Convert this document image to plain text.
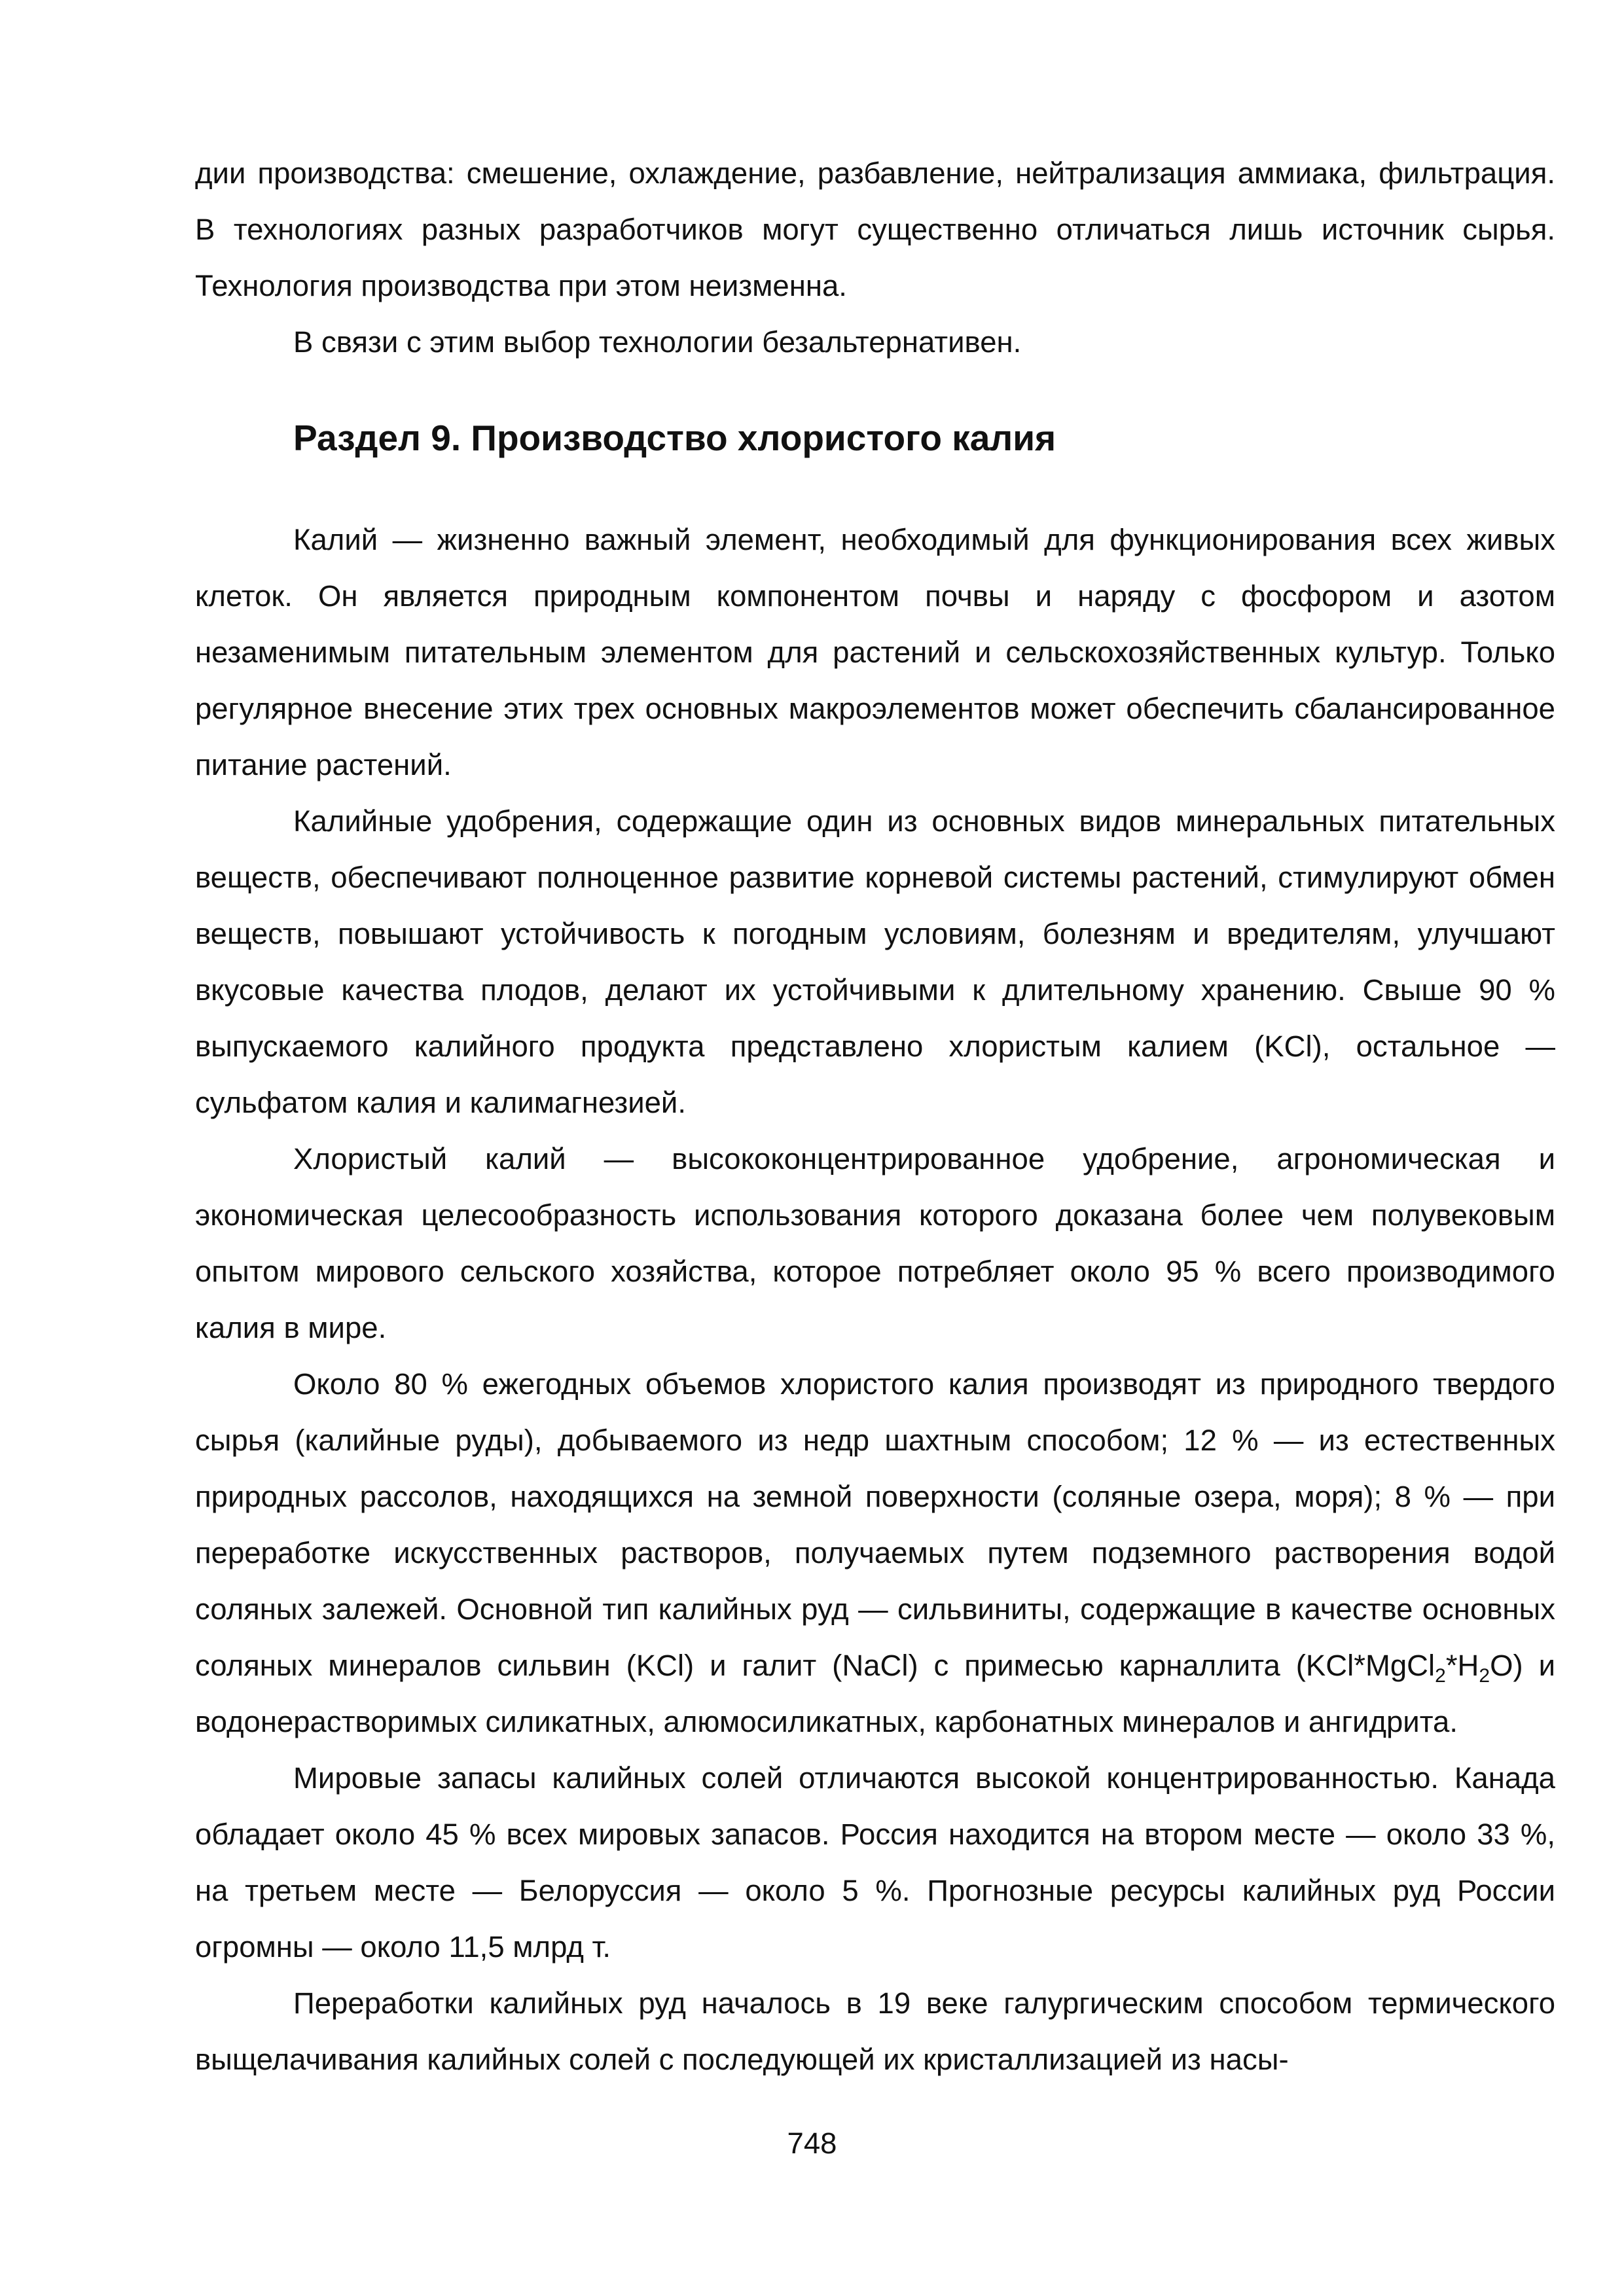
дии производства: смешение, охлаждение, разбавление, нейтрализация аммиака, фильтрация. В технологиях разных разработчиков могут существенно отличаться лишь источник сырья. Технология производства при этом неизменна.

В связи с этим выбор технологии безальтернативен.

Раздел 9. Производство хлористого калия

Калий — жизненно важный элемент, необходимый для функционирования всех живых клеток. Он является природным компонентом почвы и наряду с фосфором и азотом незаменимым питательным элементом для растений и сельскохозяйственных культур. Только регулярное внесение этих трех основных макроэлементов может обеспечить сбалансированное питание растений.

Калийные удобрения, содержащие один из основных видов минеральных питательных веществ, обеспечивают полноценное развитие корневой системы растений, стимулируют обмен веществ, повышают устойчивость к погодным условиям, болезням и вредителям, улучшают вкусовые качества плодов, делают их устойчивыми к длительному хранению. Свыше 90 % выпускаемого калийного продукта представлено хлористым калием (KCl), остальное — сульфатом калия и калимагнезией.

Хлористый калий — высококонцентрированное удобрение, агрономическая и экономическая целесообразность использования которого доказана более чем полувековым опытом мирового сельского хозяйства, которое потребляет около 95 % всего производимого калия в мире.

Около 80 % ежегодных объемов хлористого калия производят из природного твердого сырья (калийные руды), добываемого из недр шахтным способом; 12 % — из естественных природных рассолов, находящихся на земной поверхности (соляные озера, моря); 8 % — при переработке искусственных растворов, получаемых путем подземного растворения водой соляных залежей. Основной тип калийных руд — сильвиниты, содержащие в качестве основных соляных минералов сильвин (KCl) и галит (NaCl) с примесью карналлита $(KCl*MgCl_2*H_2O)$ и водонерастворимых силикатных, алюмосиликатных, карбонатных минералов и ангидрита.

Мировые запасы калийных солей отличаются высокой концентрированностью. Канада обладает около 45 % всех мировых запасов. Россия находится на втором месте — около 33 %, на третьем месте — Белоруссия — около 5 %. Прогнозные ресурсы калийных руд России огромны — около 11,5 млрд т.

Переработки калийных руд началось в 19 веке галургическим способом термического выщелачивания калийных солей с последующей их кристаллизацией из насы-

748
